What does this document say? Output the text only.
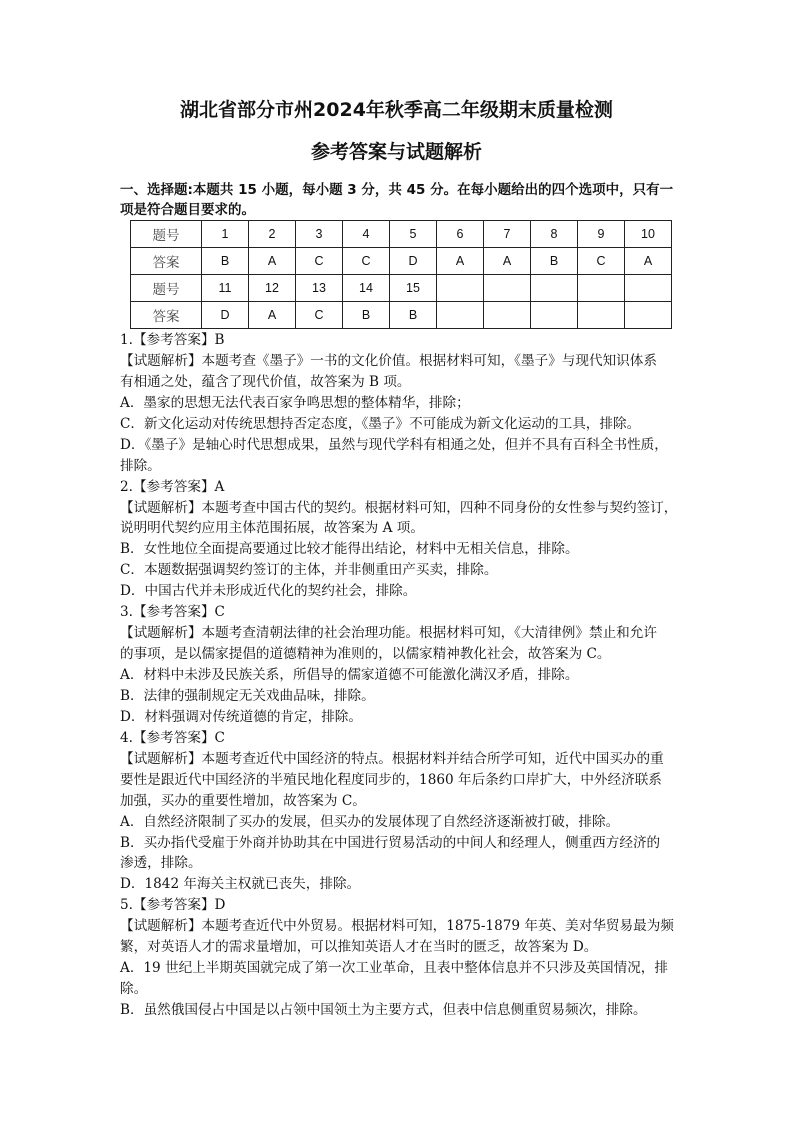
湖北省部分市州2024年秋季高二年级期末质量检测
参考答案与试题解析
一、选择题:本题共 15 小题，每小题 3 分，共 45 分。在每小题给出的四个选项中，只有一
项是符合题目要求的。
题号	1	2	3	4	5	6	7	8	9	10
答案	B	A	C	C	D	A	A	B	C	A
题号	11	12	13	14	15					
答案	D	A	C	B	B					
1.【参考答案】B
【试题解析】本题考查《墨子》一书的文化价值。根据材料可知，《墨子》与现代知识体系
有相通之处，蕴含了现代价值，故答案为 B 项。
A．墨家的思想无法代表百家争鸣思想的整体精华，排除；
C．新文化运动对传统思想持否定态度，《墨子》不可能成为新文化运动的工具，排除。
D．《墨子》是轴心时代思想成果，虽然与现代学科有相通之处，但并不具有百科全书性质，
排除。
2.【参考答案】A
【试题解析】本题考查中国古代的契约。根据材料可知，四种不同身份的女性参与契约签订，
说明明代契约应用主体范围拓展，故答案为 A 项。
B．女性地位全面提高要通过比较才能得出结论，材料中无相关信息，排除。
C．本题数据强调契约签订的主体，并非侧重田产买卖，排除。
D．中国古代并未形成近代化的契约社会，排除。
3.【参考答案】C
【试题解析】本题考查清朝法律的社会治理功能。根据材料可知，《大清律例》禁止和允许
的事项，是以儒家提倡的道德精神为准则的，以儒家精神教化社会，故答案为 C。
A．材料中未涉及民族关系，所倡导的儒家道德不可能激化满汉矛盾，排除。
B．法律的强制规定无关戏曲品味，排除。
D．材料强调对传统道德的肯定，排除。
4.【参考答案】C
【试题解析】本题考查近代中国经济的特点。根据材料并结合所学可知，近代中国买办的重
要性是跟近代中国经济的半殖民地化程度同步的，1860 年后条约口岸扩大，中外经济联系
加强，买办的重要性增加，故答案为 C。
A．自然经济限制了买办的发展，但买办的发展体现了自然经济逐渐被打破，排除。
B．买办指代受雇于外商并协助其在中国进行贸易活动的中间人和经理人，侧重西方经济的
渗透，排除。
D．1842 年海关主权就已丧失，排除。
5.【参考答案】D
【试题解析】本题考查近代中外贸易。根据材料可知，1875-1879 年英、美对华贸易最为频
繁，对英语人才的需求量增加，可以推知英语人才在当时的匮乏，故答案为 D。
A．19 世纪上半期英国就完成了第一次工业革命，且表中整体信息并不只涉及英国情况，排
除。
B．虽然俄国侵占中国是以占领中国领土为主要方式，但表中信息侧重贸易频次，排除。
